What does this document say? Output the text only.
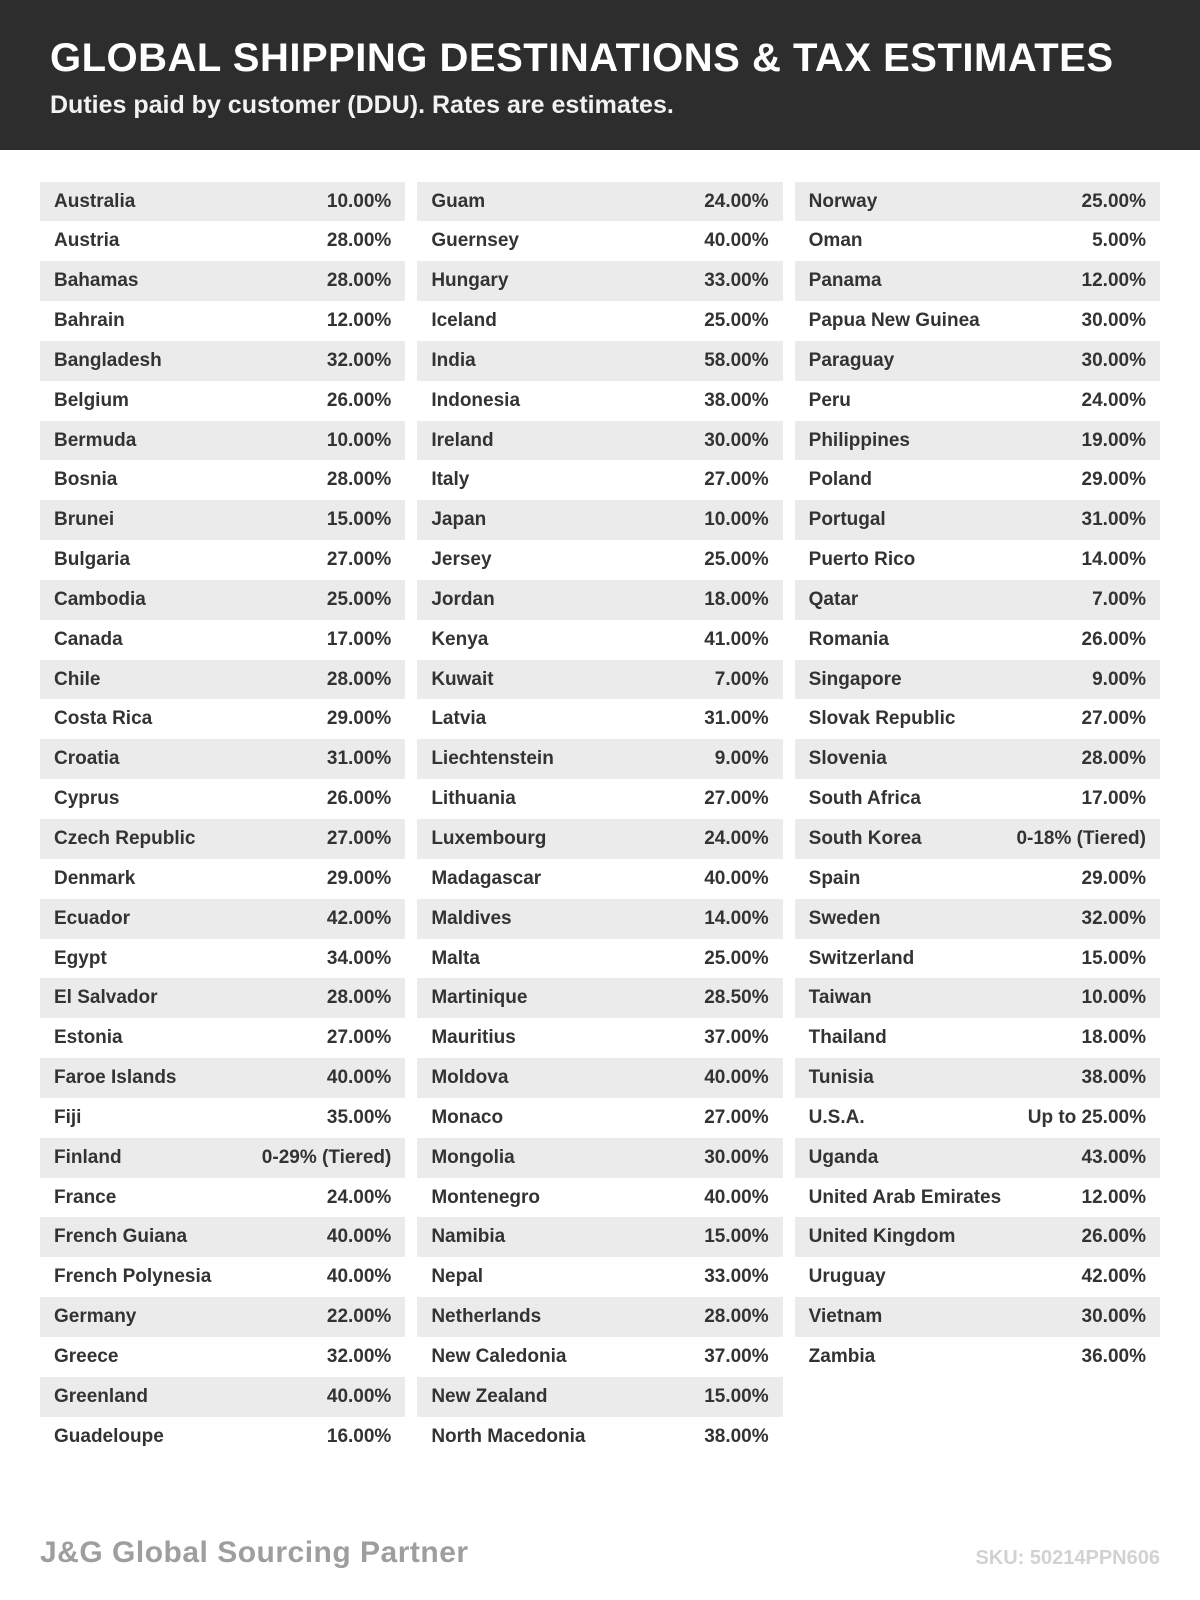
GLOBAL SHIPPING DESTINATIONS & TAX ESTIMATES

Duties paid by customer (DDU). Rates are estimates.

Australia	10.00%
Austria	28.00%
Bahamas	28.00%
Bahrain	12.00%
Bangladesh	32.00%
Belgium	26.00%
Bermuda	10.00%
Bosnia	28.00%
Brunei	15.00%
Bulgaria	27.00%
Cambodia	25.00%
Canada	17.00%
Chile	28.00%
Costa Rica	29.00%
Croatia	31.00%
Cyprus	26.00%
Czech Republic	27.00%
Denmark	29.00%
Ecuador	42.00%
Egypt	34.00%
El Salvador	28.00%
Estonia	27.00%
Faroe Islands	40.00%
Fiji	35.00%
Finland	0-29% (Tiered)
France	24.00%
French Guiana	40.00%
French Polynesia	40.00%
Germany	22.00%
Greece	32.00%
Greenland	40.00%
Guadeloupe	16.00%
Guam	24.00%
Guernsey	40.00%
Hungary	33.00%
Iceland	25.00%
India	58.00%
Indonesia	38.00%
Ireland	30.00%
Italy	27.00%
Japan	10.00%
Jersey	25.00%
Jordan	18.00%
Kenya	41.00%
Kuwait	7.00%
Latvia	31.00%
Liechtenstein	9.00%
Lithuania	27.00%
Luxembourg	24.00%
Madagascar	40.00%
Maldives	14.00%
Malta	25.00%
Martinique	28.50%
Mauritius	37.00%
Moldova	40.00%
Monaco	27.00%
Mongolia	30.00%
Montenegro	40.00%
Namibia	15.00%
Nepal	33.00%
Netherlands	28.00%
New Caledonia	37.00%
New Zealand	15.00%
North Macedonia	38.00%
Norway	25.00%
Oman	5.00%
Panama	12.00%
Papua New Guinea	30.00%
Paraguay	30.00%
Peru	24.00%
Philippines	19.00%
Poland	29.00%
Portugal	31.00%
Puerto Rico	14.00%
Qatar	7.00%
Romania	26.00%
Singapore	9.00%
Slovak Republic	27.00%
Slovenia	28.00%
South Africa	17.00%
South Korea	0-18% (Tiered)
Spain	29.00%
Sweden	32.00%
Switzerland	15.00%
Taiwan	10.00%
Thailand	18.00%
Tunisia	38.00%
U.S.A.	Up to 25.00%
Uganda	43.00%
United Arab Emirates	12.00%
United Kingdom	26.00%
Uruguay	42.00%
Vietnam	30.00%
Zambia	36.00%
J&G Global Sourcing Partner	SKU: 50214PPN606
